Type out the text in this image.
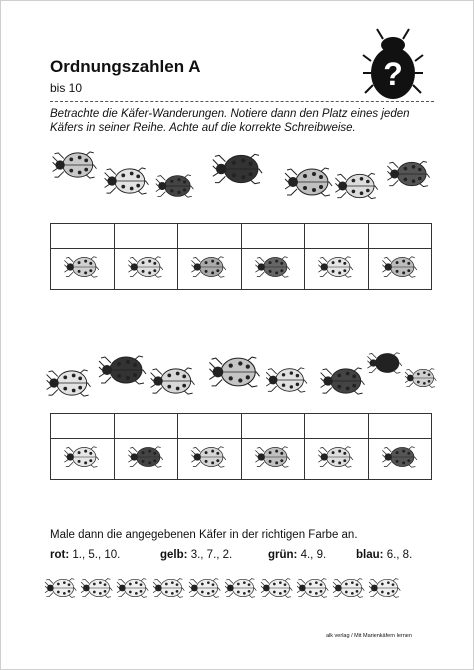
Ordnungszahlen A
bis 10	?
Betrachte die Käfer-Wanderungen. Notiere dann den Platz eines jeden
Käfers in seiner Reihe. Achte auf die korrekte Schreibweise.

Male dann die angegebenen Käfer in der richtigen Farbe an.
rot: 1., 5., 10.	gelb: 3., 7., 2.	grün: 4., 9.	blau: 6., 8.
alk verlag / Mit Marienkäfern lernen
